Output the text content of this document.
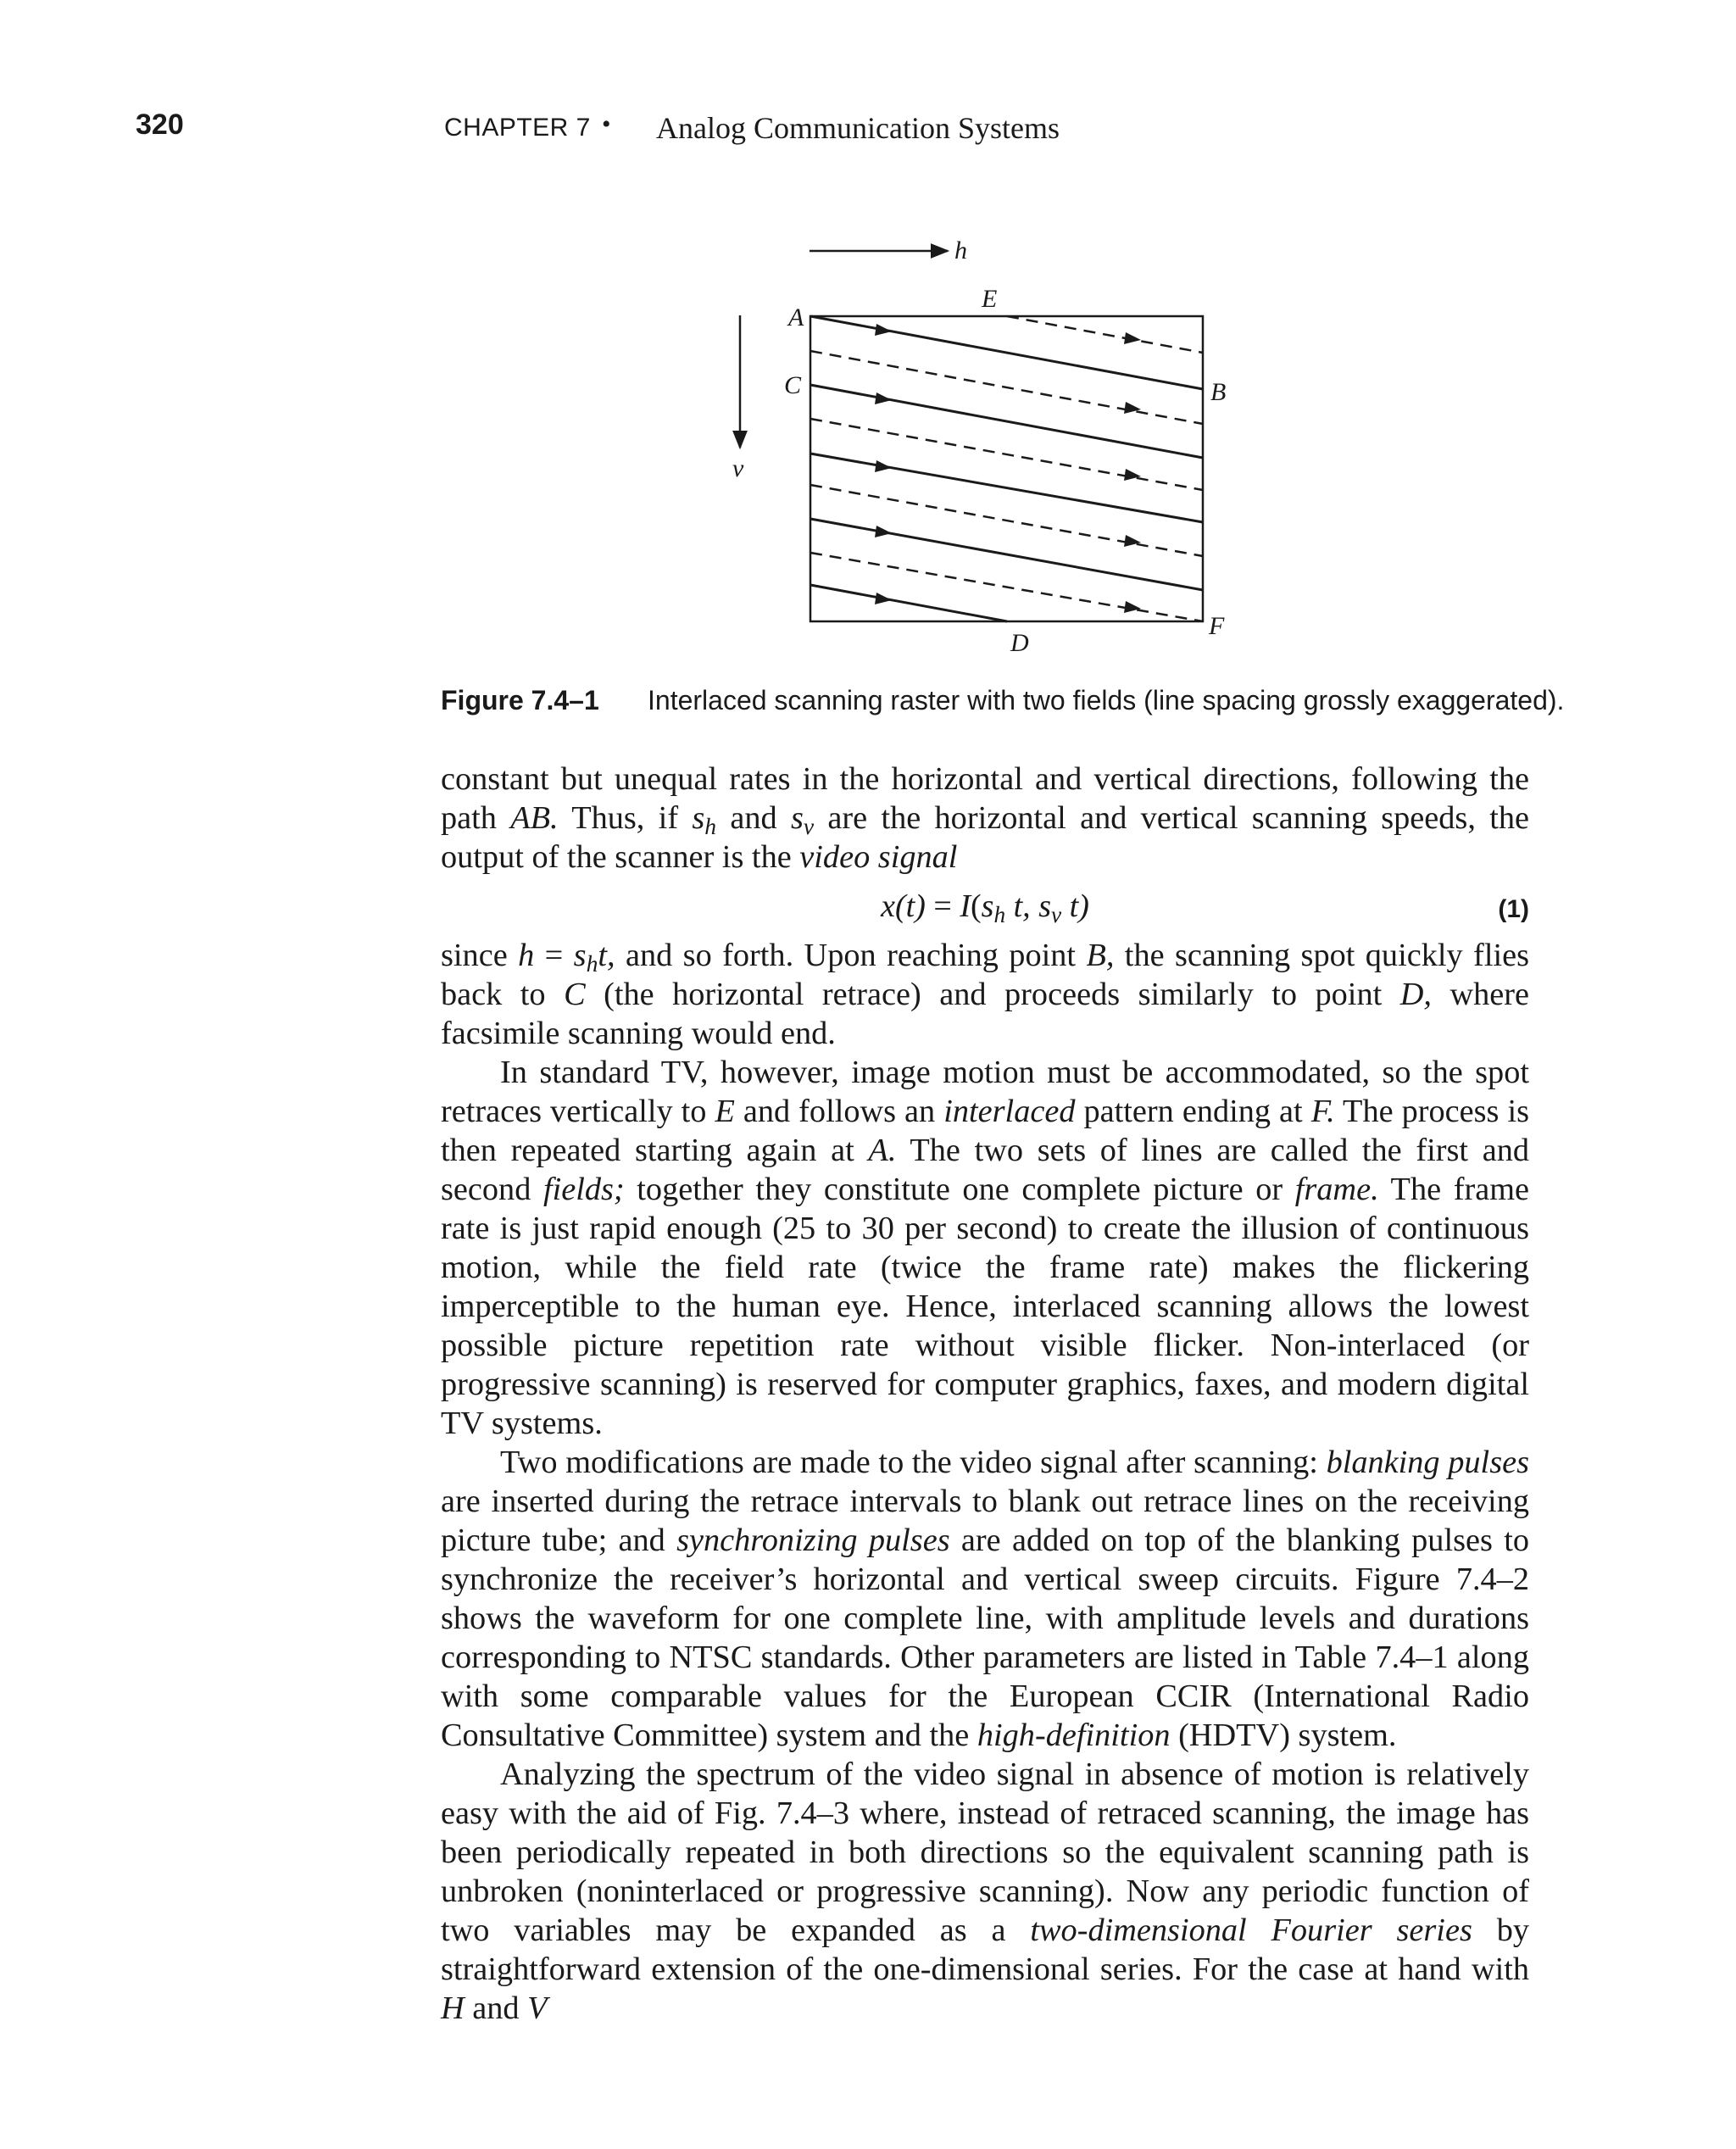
320	CHAPTER 7 • Analog Communication Systems
h
v
A
E
C	B
F
D
Figure 7.4–1 Interlaced scanning raster with two fields (line spacing grossly exaggerated).

constant but unequal rates in the horizontal and vertical directions, following the path AB. Thus, if $s_h$ and $s_v$ are the horizontal and vertical scanning speeds, the output of the scanner is the video signal

$x(t) = I(s_h$ t, $s_v$ t)	(1)

since $h = s_ht$, and so forth. Upon reaching point B, the scanning spot quickly flies back to C (the horizontal retrace) and proceeds similarly to point D, where facsimile scanning would end.

In standard TV, however, image motion must be accommodated, so the spot retraces vertically to E and follows an interlaced pattern ending at F. The process is then repeated starting again at A. The two sets of lines are called the first and second fields; together they constitute one complete picture or frame. The frame rate is just rapid enough (25 to 30 per second) to create the illusion of continuous motion, while the field rate (twice the frame rate) makes the flickering imperceptible to the human eye. Hence, interlaced scanning allows the lowest possible picture repetition rate without visible flicker. Non-interlaced (or progressive scanning) is reserved for computer graphics, faxes, and modern digital TV systems.

Two modifications are made to the video signal after scanning: blanking pulses are inserted during the retrace intervals to blank out retrace lines on the receiving picture tube; and synchronizing pulses are added on top of the blanking pulses to synchronize the receiver’s horizontal and vertical sweep circuits. Figure 7.4–2 shows the waveform for one complete line, with amplitude levels and durations corresponding to NTSC standards. Other parameters are listed in Table 7.4–1 along with some comparable values for the European CCIR (International Radio Consultative Committee) system and the high-definition (HDTV) system.

Analyzing the spectrum of the video signal in absence of motion is relatively easy with the aid of Fig. 7.4–3 where, instead of retraced scanning, the image has been periodically repeated in both directions so the equivalent scanning path is unbroken (noninterlaced or progressive scanning). Now any periodic function of two variables may be expanded as a two-dimensional Fourier series by straightforward extension of the one-dimensional series. For the case at hand with H and V
